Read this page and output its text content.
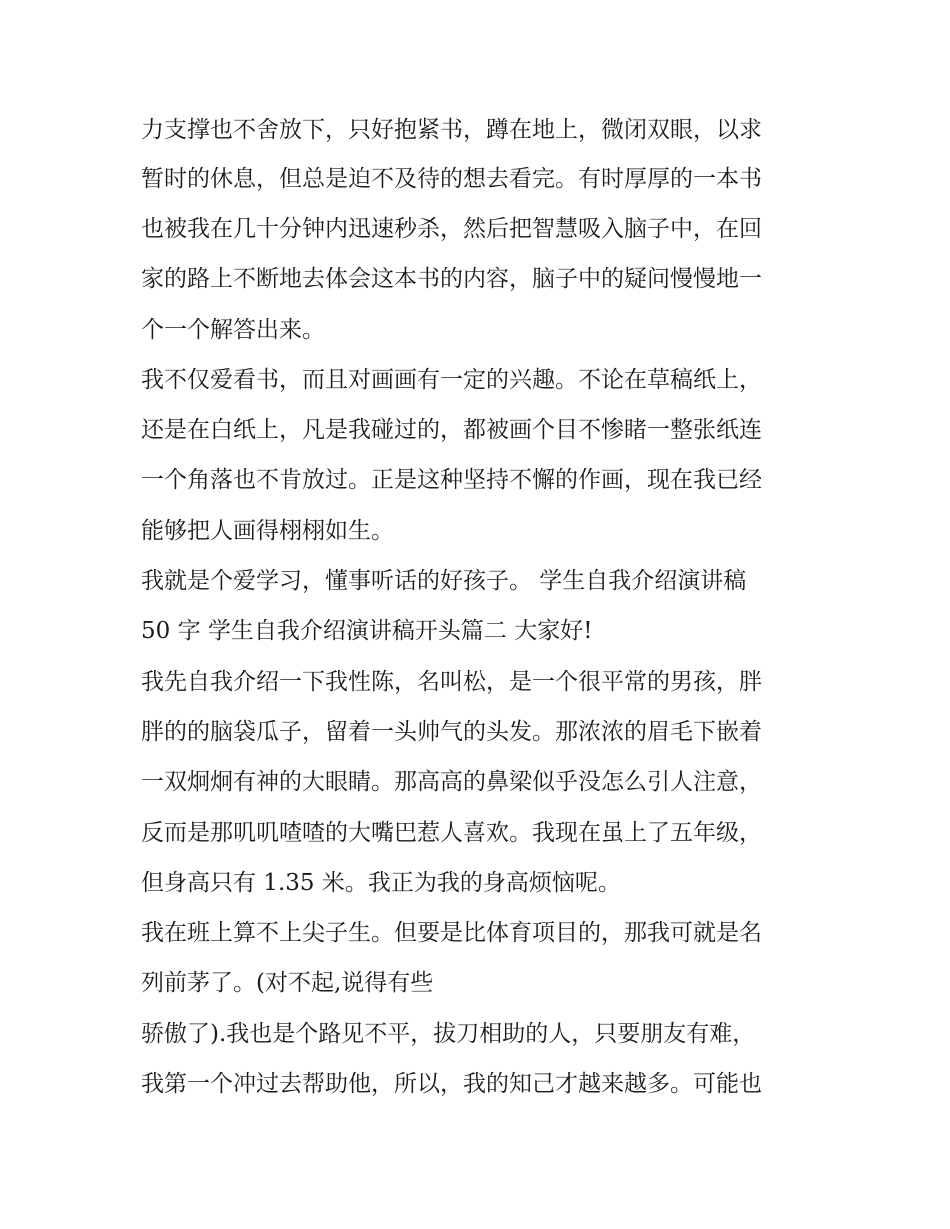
力支撑也不舍放下，只好抱紧书，蹲在地上，微闭双眼，以求
暂时的休息，但总是迫不及待的想去看完。有时厚厚的一本书
也被我在几十分钟内迅速秒杀，然后把智慧吸入脑子中，在回
家的路上不断地去体会这本书的内容，脑子中的疑问慢慢地一
个一个解答出来。
我不仅爱看书，而且对画画有一定的兴趣。不论在草稿纸上，
还是在白纸上，凡是我碰过的，都被画个目不惨睹一整张纸连
一个角落也不肯放过。正是这种坚持不懈的作画，现在我已经
能够把人画得栩栩如生。
我就是个爱学习，懂事听话的好孩子。 学生自我介绍演讲稿
50 字 学生自我介绍演讲稿开头篇二 大家好!
我先自我介绍一下我性陈，名叫松，是一个很平常的男孩，胖
胖的的脑袋瓜子，留着一头帅气的头发。那浓浓的眉毛下嵌着
一双炯炯有神的大眼睛。那高高的鼻梁似乎没怎么引人注意，
反而是那叽叽喳喳的大嘴巴惹人喜欢。我现在虽上了五年级，
但身高只有 1.35 米。我正为我的身高烦恼呢。
我在班上算不上尖子生。但要是比体育项目的，那我可就是名
列前茅了。(对不起,说得有些
骄傲了).我也是个路见不平，拔刀相助的人，只要朋友有难，
我第一个冲过去帮助他，所以，我的知己才越来越多。可能也
